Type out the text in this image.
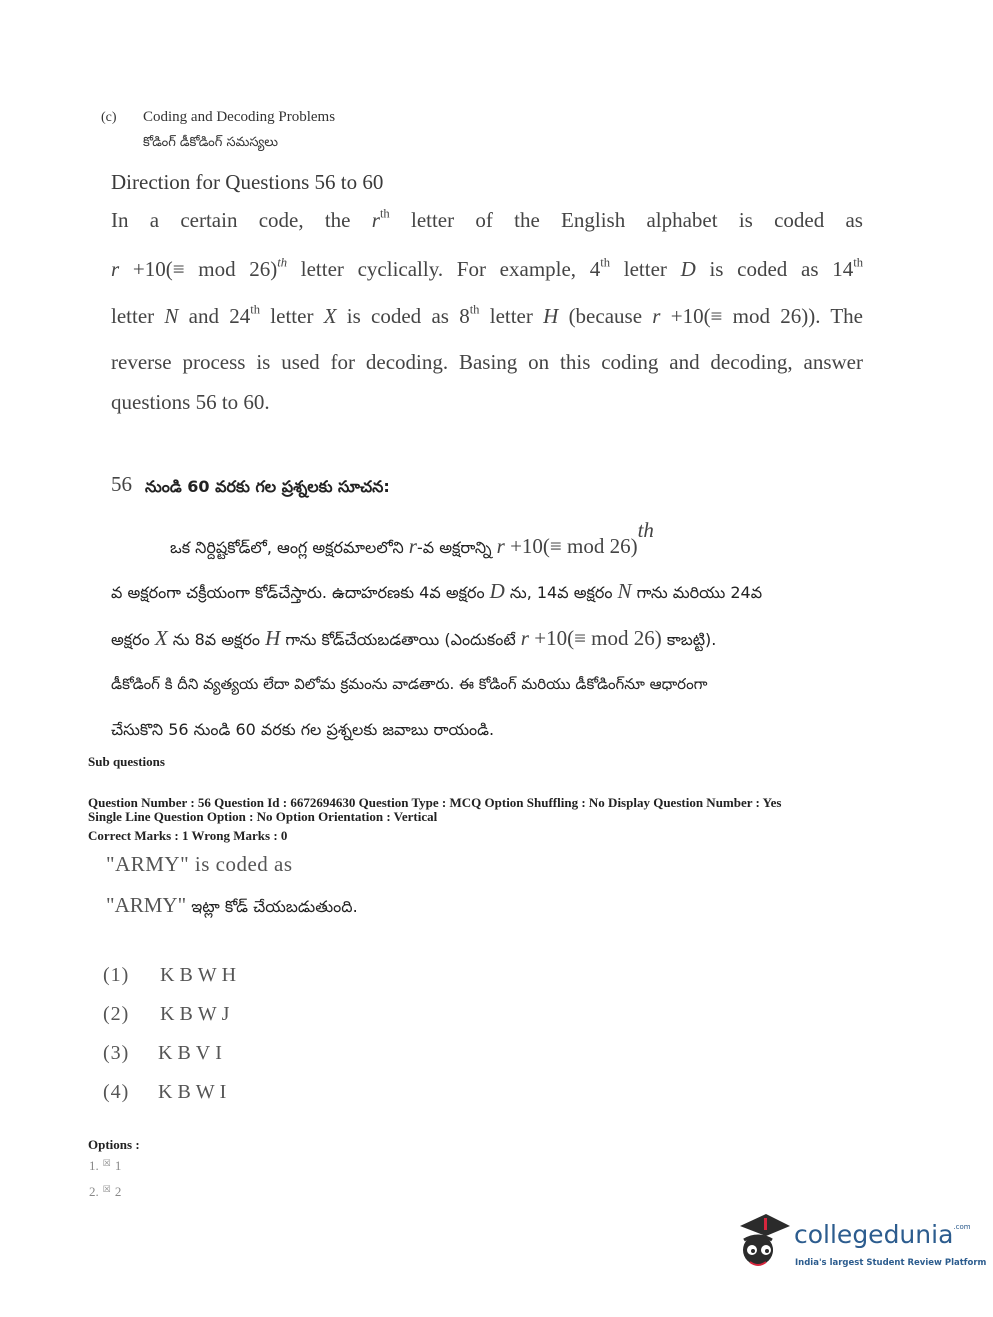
(c) Coding and Decoding Problems
కోడింగ్ డీకోడింగ్ సమస్యలు
Direction for Questions 56 to 60
In a certain code, the $r^{th}$ letter of the English alphabet is coded as
r +10(≡ mod 26)$^{th}$ letter cyclically. For example, 4th letter D is coded as 14th
letter N and 24th letter X is coded as 8th letter H (because r +10(≡ mod 26)). The
reverse process is used for decoding. Basing on this coding and decoding, answer
questions 56 to 60.
56 నుండి 60 వరకు గల ప్రశ్నలకు సూచన:
ఒక నిర్దిష్టకోడ్‌లో, ఆంగ్ల అక్షరమాలలోని r-వ అక్షరాన్ని r +10(≡ mod 26)$^{th}$
వ అక్షరంగా చక్రీయంగా కోడ్‌చేస్తారు. ఉదాహరణకు 4వ అక్షరం D ను, 14వ అక్షరం N గాను మరియు 24వ
అక్షరం X ను 8వ అక్షరం H గాను కోడ్‌చేయబడతాయి (ఎందుకంటే r +10(≡ mod 26) కాబట్టి).
డీకోడింగ్ కి దీని వ్యత్యయ లేదా విలోమ క్రమంను వాడతారు. ఈ కోడింగ్ మరియు డీకోడింగ్‌నూ ఆధారంగా
చేసుకొని 56 నుండి 60 వరకు గల ప్రశ్నలకు జవాబు రాయండి.
Sub questions
Question Number : 56 Question Id : 6672694630 Question Type : MCQ Option Shuffling : No Display Question Number : Yes
Single Line Question Option : No Option Orientation : Vertical
Correct Marks : 1 Wrong Marks : 0
"ARMY" is coded as
"ARMY" ఇట్లా కోడ్ చేయబడుతుంది.
(1) KBWH
(2) KBWJ
(3) KBVI
(4) KBWI
Options :
1. ☒ 1
2. ☒ 2
collegedunia$^{.com}$
India's largest Student Review Platform
